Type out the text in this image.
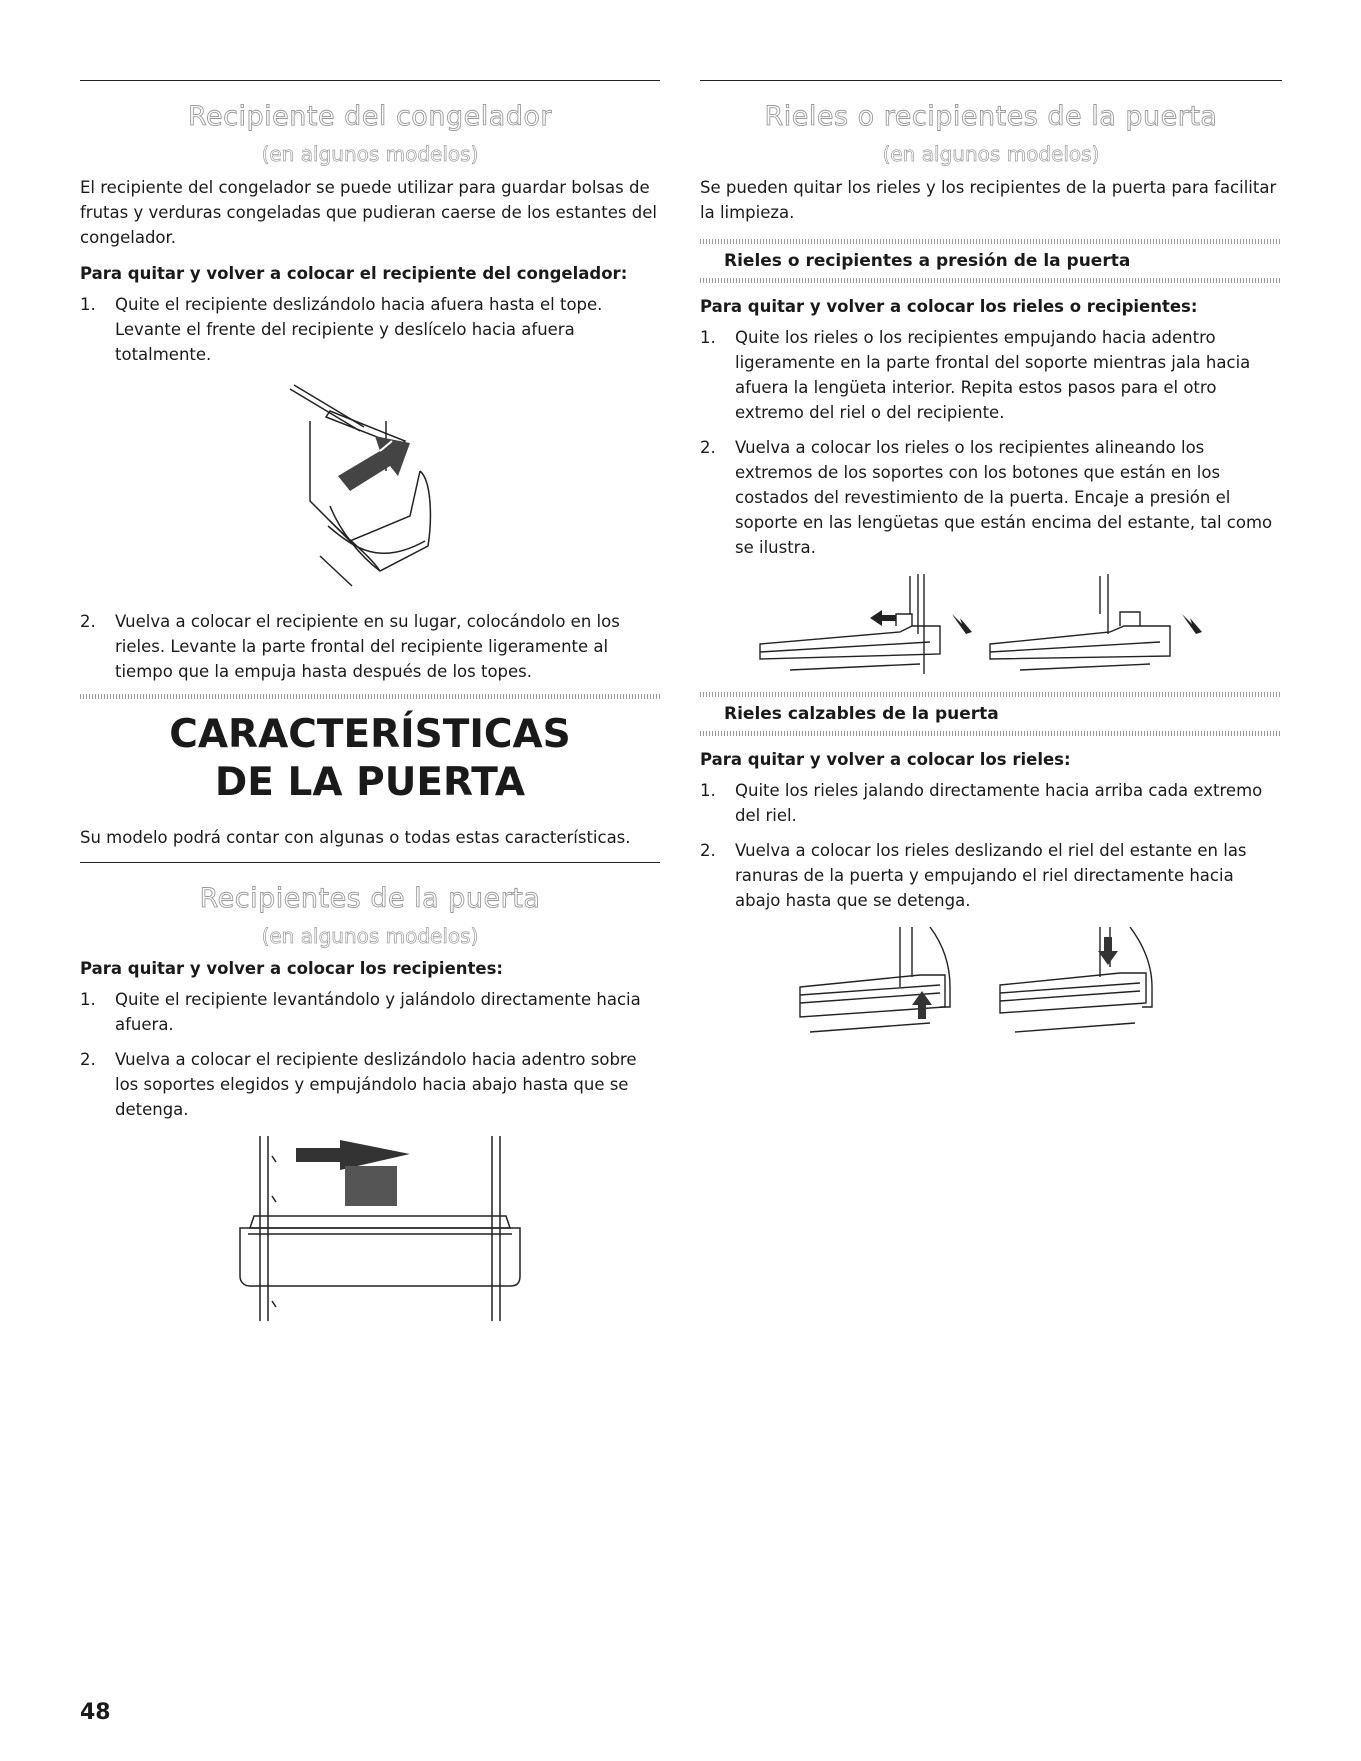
Recipiente del congelador
(en algunos modelos)

El recipiente del congelador se puede utilizar para guardar bolsas de frutas y verduras congeladas que pudieran caerse de los estantes del congelador.

Para quitar y volver a colocar el recipiente del congelador:
1. Quite el recipiente deslizándolo hacia afuera hasta el tope. Levante el frente del recipiente y deslícelo hacia afuera totalmente.
2. Vuelva a colocar el recipiente en su lugar, colocándolo en los rieles. Levante la parte frontal del recipiente ligeramente al tiempo que la empuja hasta después de los topes.
CARACTERÍSTICAS
DE LA PUERTA

Su modelo podrá contar con algunas o todas estas características.

Recipientes de la puerta
(en algunos modelos)
Para quitar y volver a colocar los recipientes:
1. Quite el recipiente levantándolo y jalándolo directamente hacia afuera.
2. Vuelva a colocar el recipiente deslizándolo hacia adentro sobre los soportes elegidos y empujándolo hacia abajo hasta que se detenga.
Rieles o recipientes de la puerta
(en algunos modelos)

Se pueden quitar los rieles y los recipientes de la puerta para facilitar la limpieza.

Rieles o recipientes a presión de la puerta
Para quitar y volver a colocar los rieles o recipientes:
1. Quite los rieles o los recipientes empujando hacia adentro ligeramente en la parte frontal del soporte mientras jala hacia afuera la lengüeta interior. Repita estos pasos para el otro extremo del riel o del recipiente.
2. Vuelva a colocar los rieles o los recipientes alineando los extremos de los soportes con los botones que están en los costados del revestimiento de la puerta. Encaje a presión el soporte en las lengüetas que están encima del estante, tal como se ilustra.
Rieles calzables de la puerta
Para quitar y volver a colocar los rieles:
1. Quite los rieles jalando directamente hacia arriba cada extremo del riel.
2. Vuelva a colocar los rieles deslizando el riel del estante en las ranuras de la puerta y empujando el riel directamente hacia abajo hasta que se detenga.
48
